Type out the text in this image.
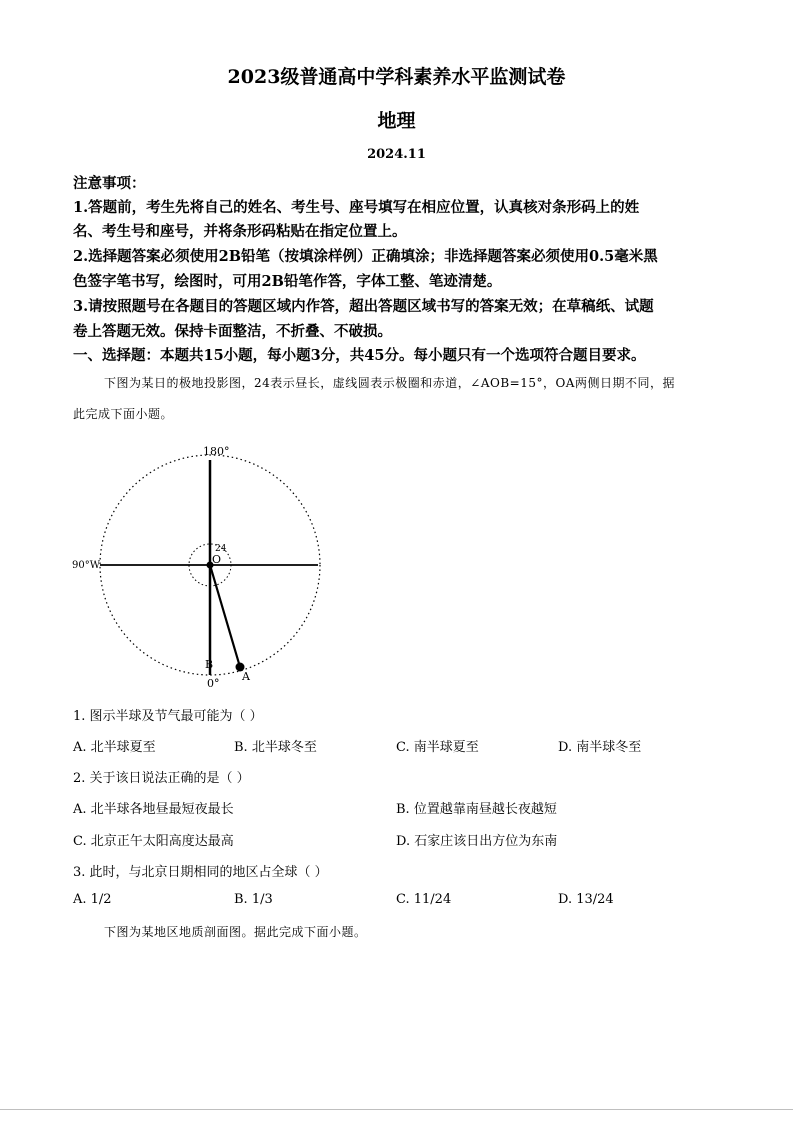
2023级普通高中学科素养水平监测试卷
地理
2024.11
注意事项：
1.答题前，考生先将自己的姓名、考生号、座号填写在相应位置，认真核对条形码上的姓
名、考生号和座号，并将条形码粘贴在指定位置上。
2.选择题答案必须使用2B铅笔（按填涂样例）正确填涂；非选择题答案必须使用0.5毫米黑
色签字笔书写，绘图时，可用2B铅笔作答，字体工整、笔迹清楚。
3.请按照题号在各题目的答题区域内作答，超出答题区域书写的答案无效；在草稿纸、试题
卷上答题无效。保持卡面整洁，不折叠、不破损。
一、选择题：本题共15小题，每小题3分，共45分。每小题只有一个选项符合题目要求。
下图为某日的极地投影图，24表示昼长，虚线圆表示极圈和赤道，∠AOB=15°，OA两侧日期不同，据
此完成下面小题。
180°
90°W
0°
O
24
A
B
1. 图示半球及节气最可能为（ ）
A. 北半球夏至	B. 北半球冬至	C. 南半球夏至	D. 南半球冬至
2. 关于该日说法正确的是（ ）
A. 北半球各地昼最短夜最长	B. 位置越靠南昼越长夜越短
C. 北京正午太阳高度达最高	D. 石家庄该日出方位为东南
3. 此时，与北京日期相同的地区占全球（ ）
A. 1/2	B. 1/3	C. 11/24	D. 13/24
下图为某地区地质剖面图。据此完成下面小题。
